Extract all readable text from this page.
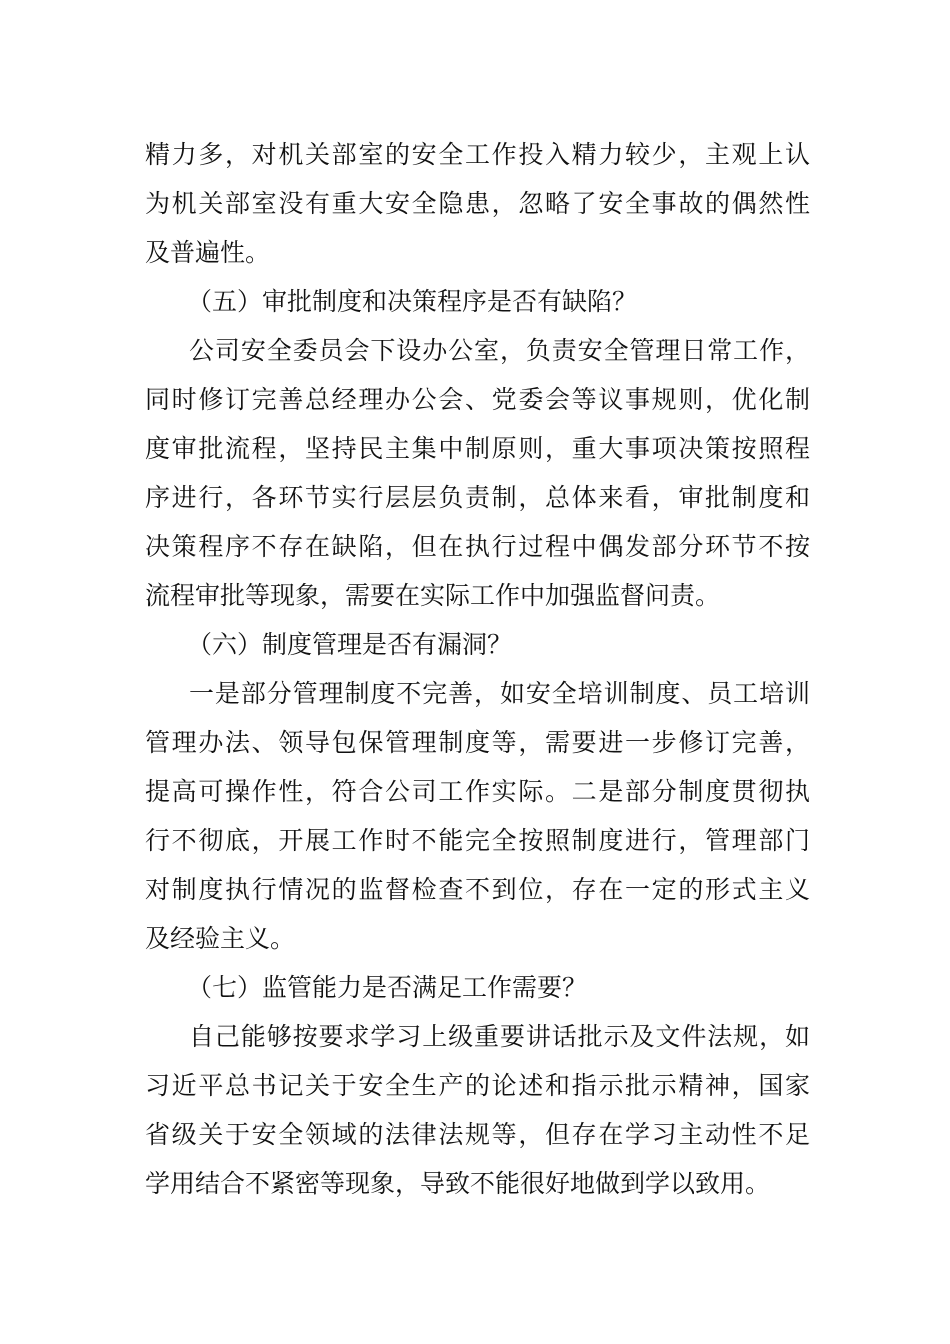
精力多，对机关部室的安全工作投入精力较少，主观上认
为机关部室没有重大安全隐患，忽略了安全事故的偶然性
及普遍性。
（五）审批制度和决策程序是否有缺陷？
公司安全委员会下设办公室，负责安全管理日常工作，
同时修订完善总经理办公会、党委会等议事规则，优化制
度审批流程，坚持民主集中制原则，重大事项决策按照程
序进行，各环节实行层层负责制，总体来看，审批制度和
决策程序不存在缺陷，但在执行过程中偶发部分环节不按
流程审批等现象，需要在实际工作中加强监督问责。
（六）制度管理是否有漏洞？
一是部分管理制度不完善，如安全培训制度、员工培训
管理办法、领导包保管理制度等，需要进一步修订完善，
提高可操作性，符合公司工作实际。二是部分制度贯彻执
行不彻底，开展工作时不能完全按照制度进行，管理部门
对制度执行情况的监督检查不到位，存在一定的形式主义
及经验主义。
（七）监管能力是否满足工作需要？
自己能够按要求学习上级重要讲话批示及文件法规，如
习近平总书记关于安全生产的论述和指示批示精神，国家
省级关于安全领域的法律法规等，但存在学习主动性不足
学用结合不紧密等现象，导致不能很好地做到学以致用。
